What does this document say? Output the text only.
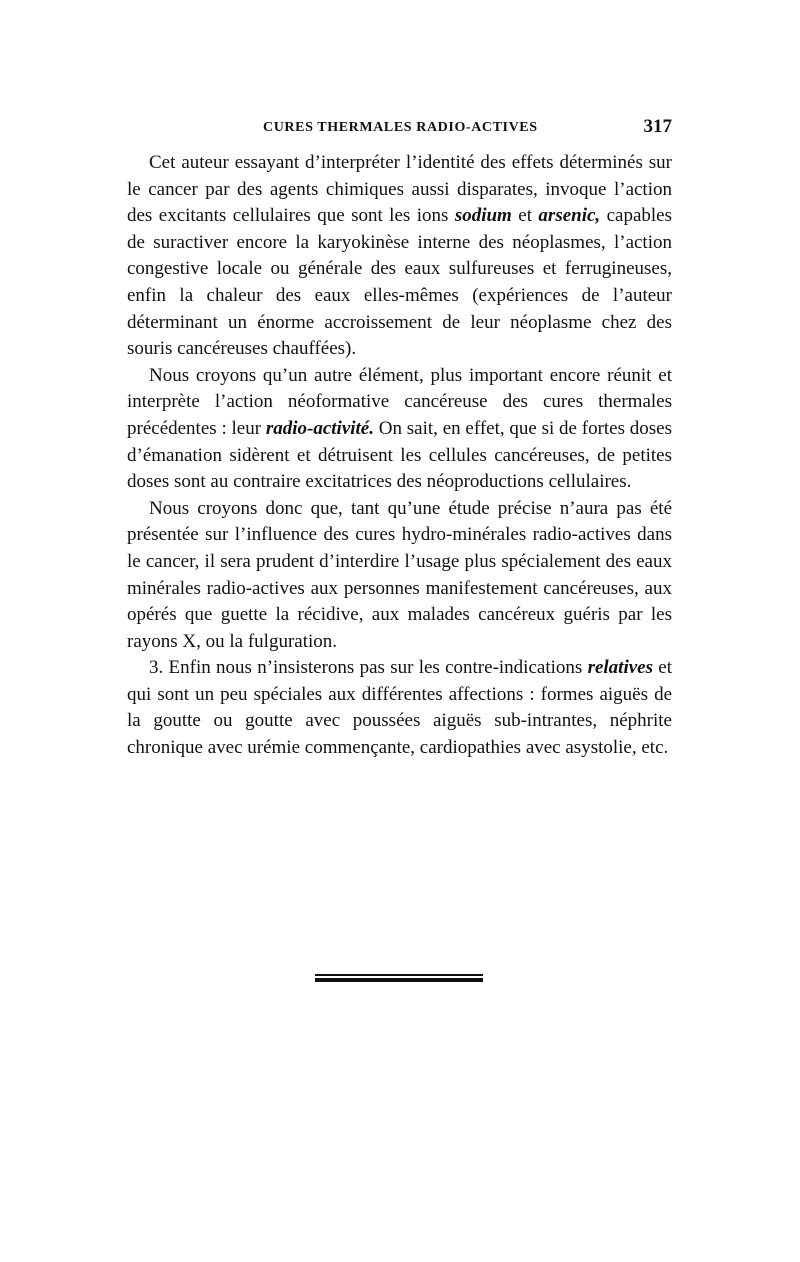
CURES THERMALES RADIO-ACTIVES	317

Cet auteur essayant d’interpréter l’identité des effets déterminés sur le cancer par des agents chimiques aussi disparates, invoque l’action des excitants cellulaires que sont les ions sodium et arsenic, capables de suractiver encore la karyokinèse interne des néoplasmes, l’action congestive locale ou générale des eaux sulfureuses et ferrugineuses, enfin la chaleur des eaux elles-mêmes (expériences de l’auteur déterminant un énorme accroissement de leur néoplasme chez des souris cancéreuses chauffées).

Nous croyons qu’un autre élément, plus important encore réunit et interprète l’action néoformative cancéreuse des cures thermales précédentes : leur radio-activité. On sait, en effet, que si de fortes doses d’émanation sidèrent et détruisent les cellules cancéreuses, de petites doses sont au contraire excitatrices des néoproductions cellulaires.

Nous croyons donc que, tant qu’une étude précise n’aura pas été présentée sur l’influence des cures hydro-minérales radio-actives dans le cancer, il sera prudent d’interdire l’usage plus spécialement des eaux minérales radio-actives aux personnes manifestement cancéreuses, aux opérés que guette la récidive, aux malades cancéreux guéris par les rayons X, ou la fulguration.

3. Enfin nous n’insisterons pas sur les contre-indications relatives et qui sont un peu spéciales aux différentes affections : formes aiguës de la goutte ou goutte avec poussées aiguës sub-intrantes, néphrite chronique avec urémie commençante, cardiopathies avec asystolie, etc.
